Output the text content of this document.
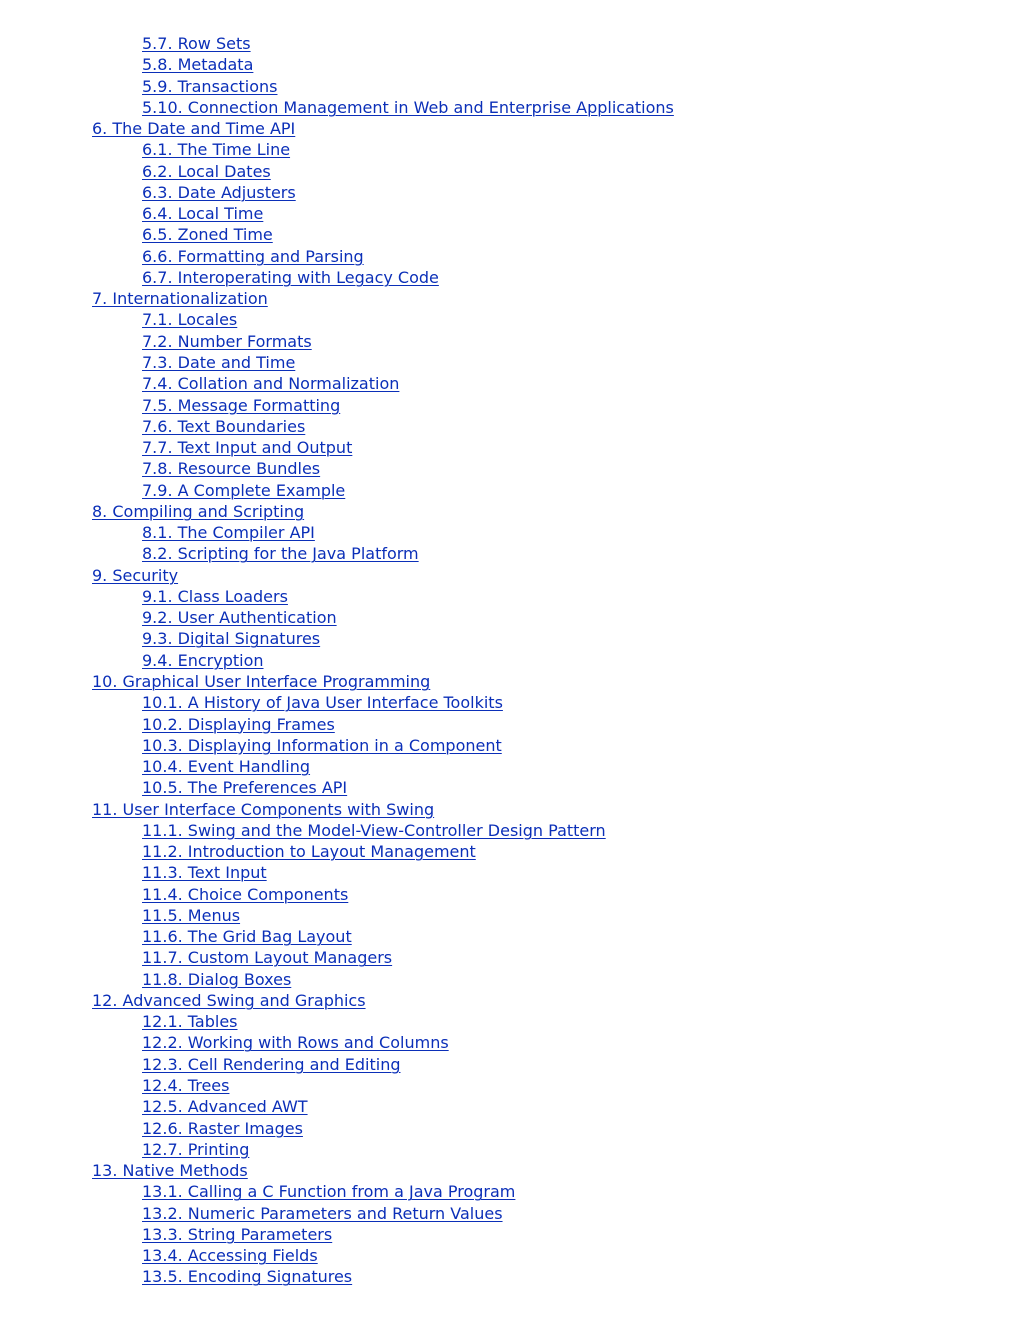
5.7. Row Sets
5.8. Metadata
5.9. Transactions
5.10. Connection Management in Web and Enterprise Applications
6. The Date and Time API
6.1. The Time Line
6.2. Local Dates
6.3. Date Adjusters
6.4. Local Time
6.5. Zoned Time
6.6. Formatting and Parsing
6.7. Interoperating with Legacy Code
7. Internationalization
7.1. Locales
7.2. Number Formats
7.3. Date and Time
7.4. Collation and Normalization
7.5. Message Formatting
7.6. Text Boundaries
7.7. Text Input and Output
7.8. Resource Bundles
7.9. A Complete Example
8. Compiling and Scripting
8.1. The Compiler API
8.2. Scripting for the Java Platform
9. Security
9.1. Class Loaders
9.2. User Authentication
9.3. Digital Signatures
9.4. Encryption
10. Graphical User Interface Programming
10.1. A History of Java User Interface Toolkits
10.2. Displaying Frames
10.3. Displaying Information in a Component
10.4. Event Handling
10.5. The Preferences API
11. User Interface Components with Swing
11.1. Swing and the Model-View-Controller Design Pattern
11.2. Introduction to Layout Management
11.3. Text Input
11.4. Choice Components
11.5. Menus
11.6. The Grid Bag Layout
11.7. Custom Layout Managers
11.8. Dialog Boxes
12. Advanced Swing and Graphics
12.1. Tables
12.2. Working with Rows and Columns
12.3. Cell Rendering and Editing
12.4. Trees
12.5. Advanced AWT
12.6. Raster Images
12.7. Printing
13. Native Methods
13.1. Calling a C Function from a Java Program
13.2. Numeric Parameters and Return Values
13.3. String Parameters
13.4. Accessing Fields
13.5. Encoding Signatures
